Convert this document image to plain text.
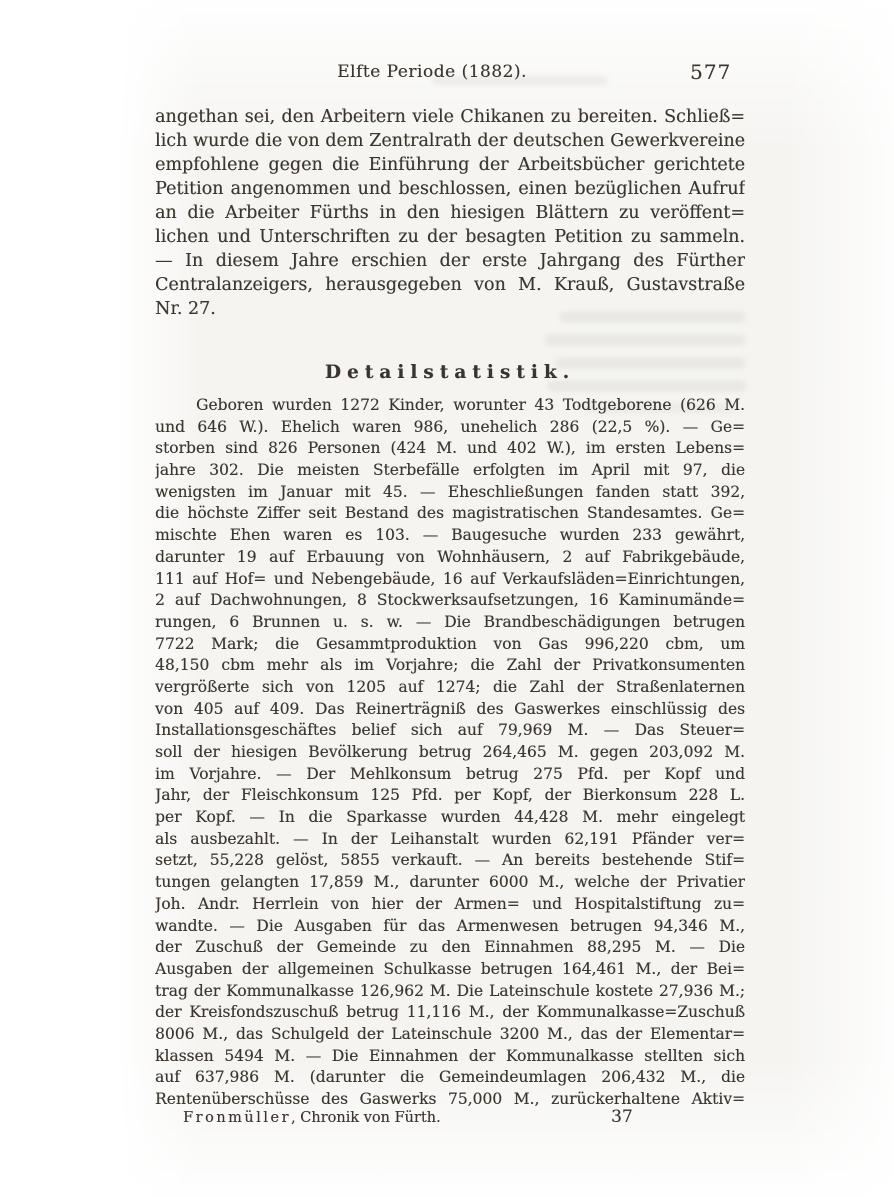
Elfte Periode (1882).	577
angethan sei, den Arbeitern viele Chikanen zu bereiten. Schließ=
lich wurde die von dem Zentralrath der deutschen Gewerkvereine
empfohlene gegen die Einführung der Arbeitsbücher gerichtete
Petition angenommen und beschlossen, einen bezüglichen Aufruf
an die Arbeiter Fürths in den hiesigen Blättern zu veröffent=
lichen und Unterschriften zu der besagten Petition zu sammeln.
— In diesem Jahre erschien der erste Jahrgang des Fürther
Centralanzeigers, herausgegeben von M. Krauß, Gustavstraße
Nr. 27.
Detailstatistik.
Geboren wurden 1272 Kinder, worunter 43 Todtgeborene (626 M.
und 646 W.). Ehelich waren 986, unehelich 286 (22,5 %). — Ge=
storben sind 826 Personen (424 M. und 402 W.), im ersten Lebens=
jahre 302. Die meisten Sterbefälle erfolgten im April mit 97, die
wenigsten im Januar mit 45. — Eheschließungen fanden statt 392,
die höchste Ziffer seit Bestand des magistratischen Standesamtes. Ge=
mischte Ehen waren es 103. — Baugesuche wurden 233 gewährt,
darunter 19 auf Erbauung von Wohnhäusern, 2 auf Fabrikgebäude,
111 auf Hof= und Nebengebäude, 16 auf Verkaufsläden=Einrichtungen,
2 auf Dachwohnungen, 8 Stockwerksaufsetzungen, 16 Kaminumände=
rungen, 6 Brunnen u. s. w. — Die Brandbeschädigungen betrugen
7722 Mark; die Gesammtproduktion von Gas 996,220 cbm, um
48,150 cbm mehr als im Vorjahre; die Zahl der Privatkonsumenten
vergrößerte sich von 1205 auf 1274; die Zahl der Straßenlaternen
von 405 auf 409. Das Reinerträgniß des Gaswerkes einschlüssig des
Installationsgeschäftes belief sich auf 79,969 M. — Das Steuer=
soll der hiesigen Bevölkerung betrug 264,465 M. gegen 203,092 M.
im Vorjahre. — Der Mehlkonsum betrug 275 Pfd. per Kopf und
Jahr, der Fleischkonsum 125 Pfd. per Kopf, der Bierkonsum 228 L.
per Kopf. — In die Sparkasse wurden 44,428 M. mehr eingelegt
als ausbezahlt. — In der Leihanstalt wurden 62,191 Pfänder ver=
setzt, 55,228 gelöst, 5855 verkauft. — An bereits bestehende Stif=
tungen gelangten 17,859 M., darunter 6000 M., welche der Privatier
Joh. Andr. Herrlein von hier der Armen= und Hospitalstiftung zu=
wandte. — Die Ausgaben für das Armenwesen betrugen 94,346 M.,
der Zuschuß der Gemeinde zu den Einnahmen 88,295 M. — Die
Ausgaben der allgemeinen Schulkasse betrugen 164,461 M., der Bei=
trag der Kommunalkasse 126,962 M. Die Lateinschule kostete 27,936 M.;
der Kreisfondszuschuß betrug 11,116 M., der Kommunalkasse=Zuschuß
8006 M., das Schulgeld der Lateinschule 3200 M., das der Elementar=
klassen 5494 M. — Die Einnahmen der Kommunalkasse stellten sich
auf 637,986 M. (darunter die Gemeindeumlagen 206,432 M., die
Rentenüberschüsse des Gaswerks 75,000 M., zurückerhaltene Aktiv=
Fronmüller, Chronik von Fürth.	37
